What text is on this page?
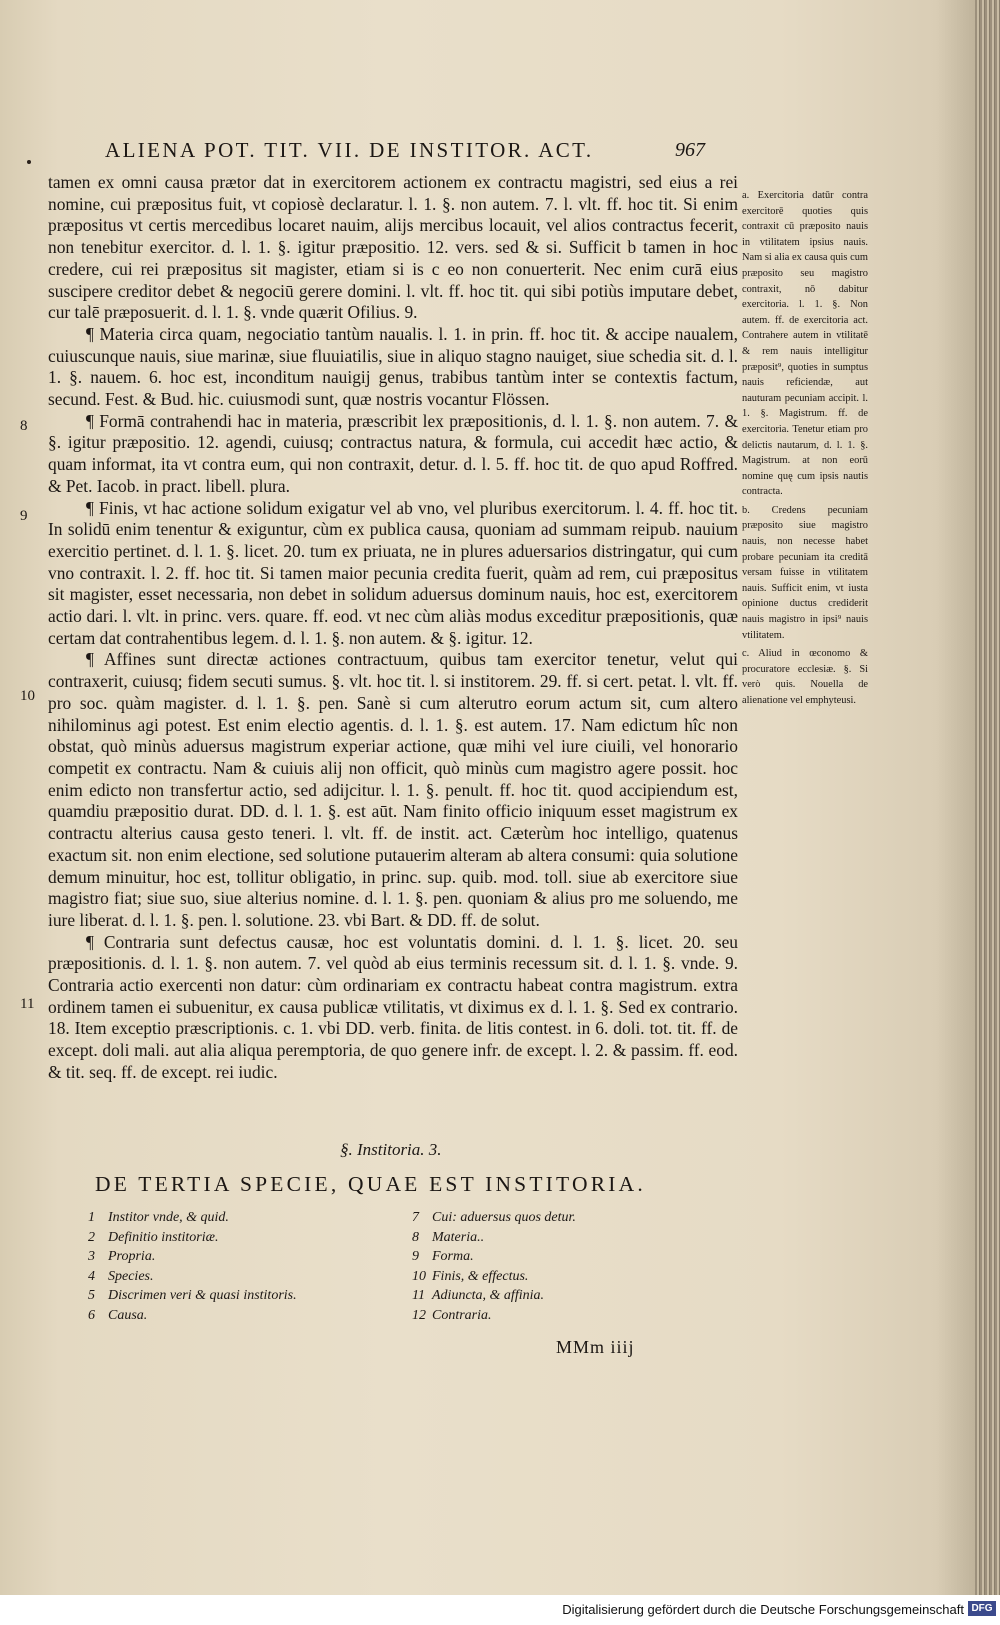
ALIENA POT. TIT. VII. DE INSTITOR. ACT.	967

tamen ex omni causa prætor dat in exercitorem actionem ex contractu magistri, sed eius a rei nomine, cui præpositus fuit, vt copiosè declaratur. l. 1. §. non autem. 7. l. vlt. ff. hoc tit. Si enim præpositus vt certis mercedibus locaret nauim, alijs mercibus locauit, vel alios contractus fecerit, non tenebitur exercitor. d. l. 1. §. igitur præpositio. 12. vers. sed & si. Sufficit b tamen in hoc credere, cui rei præpositus sit magister, etiam si is c eo non conuerterit. Nec enim curā eius suscipere creditor debet & negociū gerere domini. l. vlt. ff. hoc tit. qui sibi potiùs imputare debet, cur talē præposuerit. d. l. 1. §. vnde quærit Ofilius. 9.

¶ Materia circa quam, negociatio tantùm naualis. l. 1. in prin. ff. hoc tit. & accipe naualem, cuiuscunque nauis, siue marinæ, siue fluuiatilis, siue in aliquo stagno nauiget, siue schedia sit. d. l. 1. §. nauem. 6. hoc est, inconditum nauigij genus, trabibus tantùm inter se contextis factum, secund. Fest. & Bud. hic. cuiusmodi sunt, quæ nostris vocantur Flössen.

¶ Formā contrahendi hac in materia, præscribit lex præpositionis, d. l. 1. §. non autem. 7. & §. igitur præpositio. 12. agendi, cuiusq; contractus natura, & formula, cui accedit hæc actio, & quam informat, ita vt contra eum, qui non contraxit, detur. d. l. 5. ff. hoc tit. de quo apud Roffred. & Pet. Iacob. in pract. libell. plura.

¶ Finis, vt hac actione solidum exigatur vel ab vno, vel pluribus exercitorum. l. 4. ff. hoc tit. In solidū enim tenentur & exiguntur, cùm ex publica causa, quoniam ad summam reipub. nauium exercitio pertinet. d. l. 1. §. licet. 20. tum ex priuata, ne in plures aduersarios distringatur, qui cum vno contraxit. l. 2. ff. hoc tit. Si tamen maior pecunia credita fuerit, quàm ad rem, cui præpositus sit magister, esset necessaria, non debet in solidum aduersus dominum nauis, hoc est, exercitorem actio dari. l. vlt. in princ. vers. quare. ff. eod. vt nec cùm aliàs modus exceditur præpositionis, quæ certam dat contrahentibus legem. d. l. 1. §. non autem. & §. igitur. 12.

¶ Affines sunt directæ actiones contractuum, quibus tam exercitor tenetur, velut qui contraxerit, cuiusq; fidem secuti sumus. §. vlt. hoc tit. l. si institorem. 29. ff. si cert. petat. l. vlt. ff. pro soc. quàm magister. d. l. 1. §. pen. Sanè si cum alterutro eorum actum sit, cum altero nihilominus agi potest. Est enim electio agentis. d. l. 1. §. est autem. 17. Nam edictum hîc non obstat, quò minùs aduersus magistrum experiar actione, quæ mihi vel iure ciuili, vel honorario competit ex contractu. Nam & cuiuis alij non officit, quò minùs cum magistro agere possit. hoc enim edicto non transfertur actio, sed adijcitur. l. 1. §. penult. ff. hoc tit. quod accipiendum est, quamdiu præpositio durat. DD. d. l. 1. §. est aūt. Nam finito officio iniquum esset magistrum ex contractu alterius causa gesto teneri. l. vlt. ff. de instit. act. Cæterùm hoc intelligo, quatenus exactum sit. non enim electione, sed solutione putauerim alteram ab altera consumi: quia solutione demum minuitur, hoc est, tollitur obligatio, in princ. sup. quib. mod. toll. siue ab exercitore siue magistro fiat; siue suo, siue alterius nomine. d. l. 1. §. pen. quoniam & alius pro me soluendo, me iure liberat. d. l. 1. §. pen. l. solutione. 23. vbi Bart. & DD. ff. de solut.

¶ Contraria sunt defectus causæ, hoc est voluntatis domini. d. l. 1. §. licet. 20. seu præpositionis. d. l. 1. §. non autem. 7. vel quòd ab eius terminis recessum sit. d. l. 1. §. vnde. 9. Contraria actio exercenti non datur: cùm ordinariam ex contractu habeat contra magistrum. extra ordinem tamen ei subuenitur, ex causa publicæ vtilitatis, vt diximus ex d. l. 1. §. Sed ex contrario. 18. Item exceptio præscriptionis. c. 1. vbi DD. verb. finita. de litis contest. in 6. doli. tot. tit. ff. de except. doli mali. aut alia aliqua peremptoria, de quo genere infr. de except. l. 2. & passim. ff. eod. & tit. seq. ff. de except. rei iudic.

8
9
10
11

a. Exercitoria datūr contra exercitorē quoties quis contraxit cū præposito nauis in vtilitatem ipsius nauis. Nam si alia ex causa quis cum præposito seu magistro contraxit, nō dabitur exercitoria. l. 1. §. Non autem. ff. de exercitoria act. Contrahere autem in vtilitatē & rem nauis intelligitur præposit⁹, quoties in sumptus nauis reficiendæ, aut nauturam pecuniam accipit. l. 1. §. Magistrum. ff. de exercitoria. Tenetur etiam pro delictis nautarum, d. l. 1. §. Magistrum. at non eorū nomine quę cum ipsis nautis contracta.

b. Credens pecuniam præposito siue magistro nauis, non necesse habet probare pecuniam ita creditā versam fuisse in vtilitatem nauis. Sufficit enim, vt iusta opinione ductus crediderit nauis magistro in ipsi⁹ nauis vtilitatem.

c. Aliud in œconomo & procuratore ecclesiæ. §. Si verò quis. Nouella de alienatione vel emphyteusi.

§. Institoria. 3.
DE TERTIA SPECIE, QUAE EST INSTITORIA.
1 Institor vnde, & quid.
2 Definitio institoriæ.
3 Propria.
4 Species.
5 Discrimen veri & quasi institoris.
6 Causa.
7 Cui: aduersus quos detur.
8 Materia..
9 Forma.
10 Finis, & effectus.
11 Adiuncta, & affinia.
12 Contraria.
MMm iiij
Digitalisierung gefördert durch die Deutsche Forschungsgemeinschaft DFG
